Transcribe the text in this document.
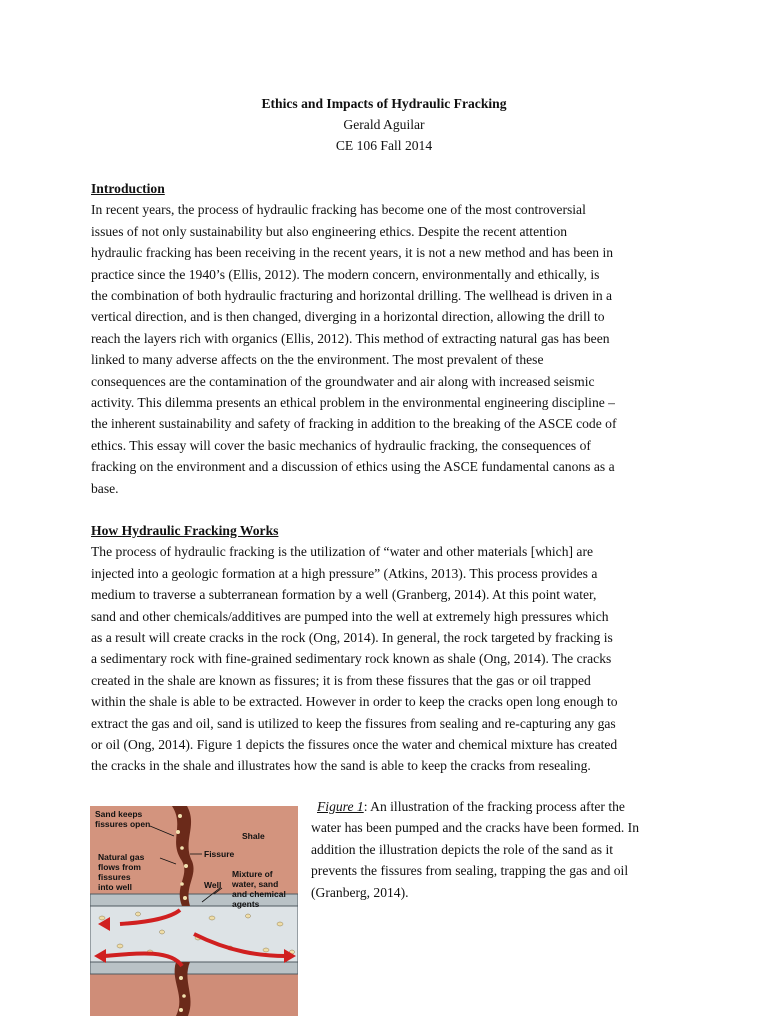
Ethics and Impacts of Hydraulic Fracking
Gerald Aguilar
CE 106 Fall 2014
Introduction
In recent years, the process of hydraulic fracking has become one of the most controversial
issues of not only sustainability but also engineering ethics. Despite the recent attention
hydraulic fracking has been receiving in the recent years, it is not a new method and has been in
practice since the 1940’s (Ellis, 2012). The modern concern, environmentally and ethically, is
the combination of both hydraulic fracturing and horizontal drilling. The wellhead is driven in a
vertical direction, and is then changed, diverging in a horizontal direction, allowing the drill to
reach the layers rich with organics (Ellis, 2012). This method of extracting natural gas has been
linked to many adverse affects on the the environment. The most prevalent of these
consequences are the contamination of the groundwater and air along with increased seismic
activity. This dilemma presents an ethical problem in the environmental engineering discipline –
the inherent sustainability and safety of fracking in addition to the breaking of the ASCE code of
ethics. This essay will cover the basic mechanics of hydraulic fracking, the consequences of
fracking on the environment and a discussion of ethics using the ASCE fundamental canons as a
base.
How Hydraulic Fracking Works
The process of hydraulic fracking is the utilization of “water and other materials [which] are
injected into a geologic formation at a high pressure” (Atkins, 2013). This process provides a
medium to traverse a subterranean formation by a well (Granberg, 2014). At this point water,
sand and other chemicals/additives are pumped into the well at extremely high pressures which
as a result will create cracks in the rock (Ong, 2014). In general, the rock targeted by fracking is
a sedimentary rock with fine-grained sedimentary rock known as shale (Ong, 2014). The cracks
created in the shale are known as fissures; it is from these fissures that the gas or oil trapped
within the shale is able to be extracted. However in order to keep the cracks open long enough to
extract the gas and oil, sand is utilized to keep the fissures from sealing and re-capturing any gas
or oil (Ong, 2014). Figure 1 depicts the fissures once the water and chemical mixture has created
the cracks in the shale and illustrates how the sand is able to keep the cracks from resealing.
Sand keeps
fissures open
Shale
Fissure
Natural gas
flows from
fissures
into well	Well
Mixture of
water, sand
and chemical
agents
Figure 1: An illustration of the fracking process after the
water has been pumped and the cracks have been formed. In
addition the illustration depicts the role of the sand as it
prevents the fissures from sealing, trapping the gas and oil
(Granberg, 2014).
